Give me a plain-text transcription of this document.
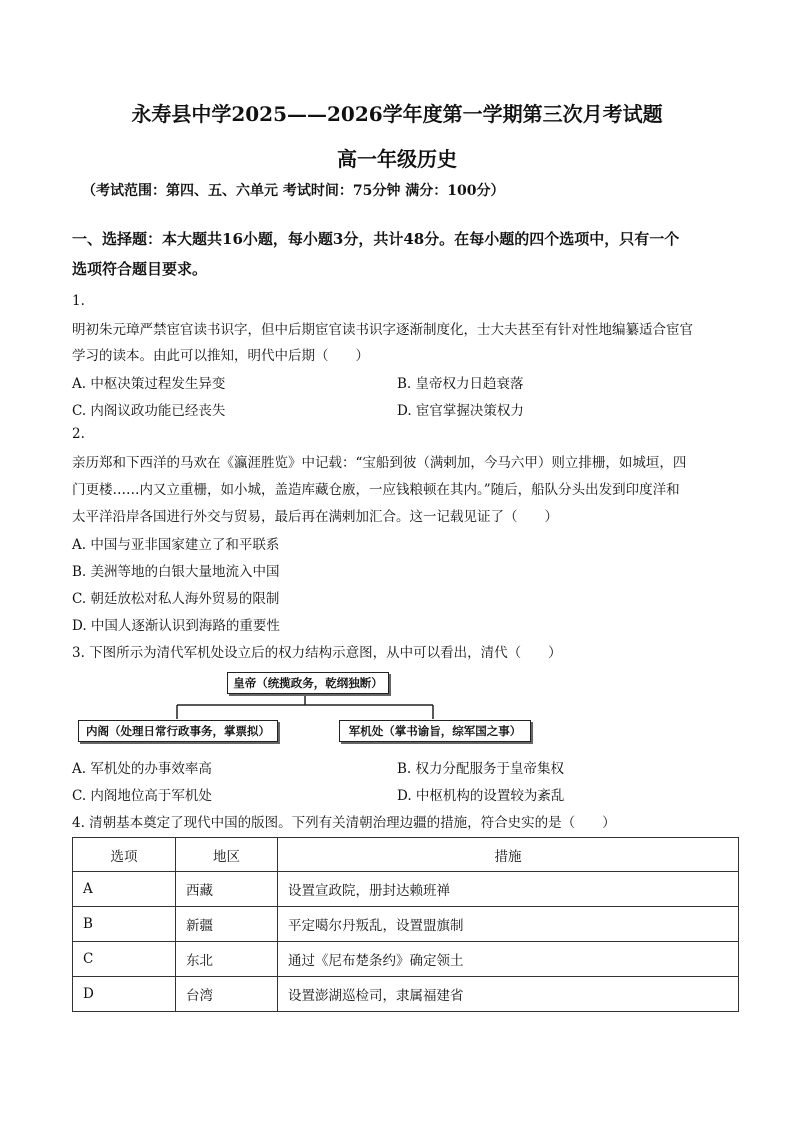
永寿县中学2025——2026学年度第一学期第三次月考试题
高一年级历史
（考试范围：第四、五、六单元 考试时间：75分钟 满分：100分）
一、选择题：本大题共16小题，每小题3分，共计48分。在每小题的四个选项中，只有一个
选项符合题目要求。
1.
明初朱元璋严禁宦官读书识字，但中后期宦官读书识字逐渐制度化，士大夫甚至有针对性地编纂适合宦官
学习的读本。由此可以推知，明代中后期（　　）
A. 中枢决策过程发生异变	B. 皇帝权力日趋衰落
C. 内阁议政功能已经丧失	D. 宦官掌握决策权力
2.
亲历郑和下西洋的马欢在《瀛涯胜览》中记载：“宝船到彼（满剌加，今马六甲）则立排栅，如城垣，四
门更楼……内又立重栅，如小城，盖造库藏仓廒，一应钱粮顿在其内。”随后，船队分头出发到印度洋和
太平洋沿岸各国进行外交与贸易，最后再在满剌加汇合。这一记载见证了（　　）
A. 中国与亚非国家建立了和平联系
B. 美洲等地的白银大量地流入中国
C. 朝廷放松对私人海外贸易的限制
D. 中国人逐渐认识到海路的重要性
3. 下图所示为清代军机处设立后的权力结构示意图，从中可以看出，清代（　　）
皇帝（统揽政务，乾纲独断）
内阁（处理日常行政事务，掌票拟）	军机处（掌书谕旨，综军国之事）
A. 军机处的办事效率高	B. 权力分配服务于皇帝集权
C. 内阁地位高于军机处	D. 中枢机构的设置较为紊乱
4. 清朝基本奠定了现代中国的版图。下列有关清朝治理边疆的措施，符合史实的是（　　）
选项	地区	措施
A	西藏	设置宣政院，册封达赖班禅
B	新疆	平定噶尔丹叛乱，设置盟旗制
C	东北	通过《尼布楚条约》确定领土
D	台湾	设置澎湖巡检司，隶属福建省
